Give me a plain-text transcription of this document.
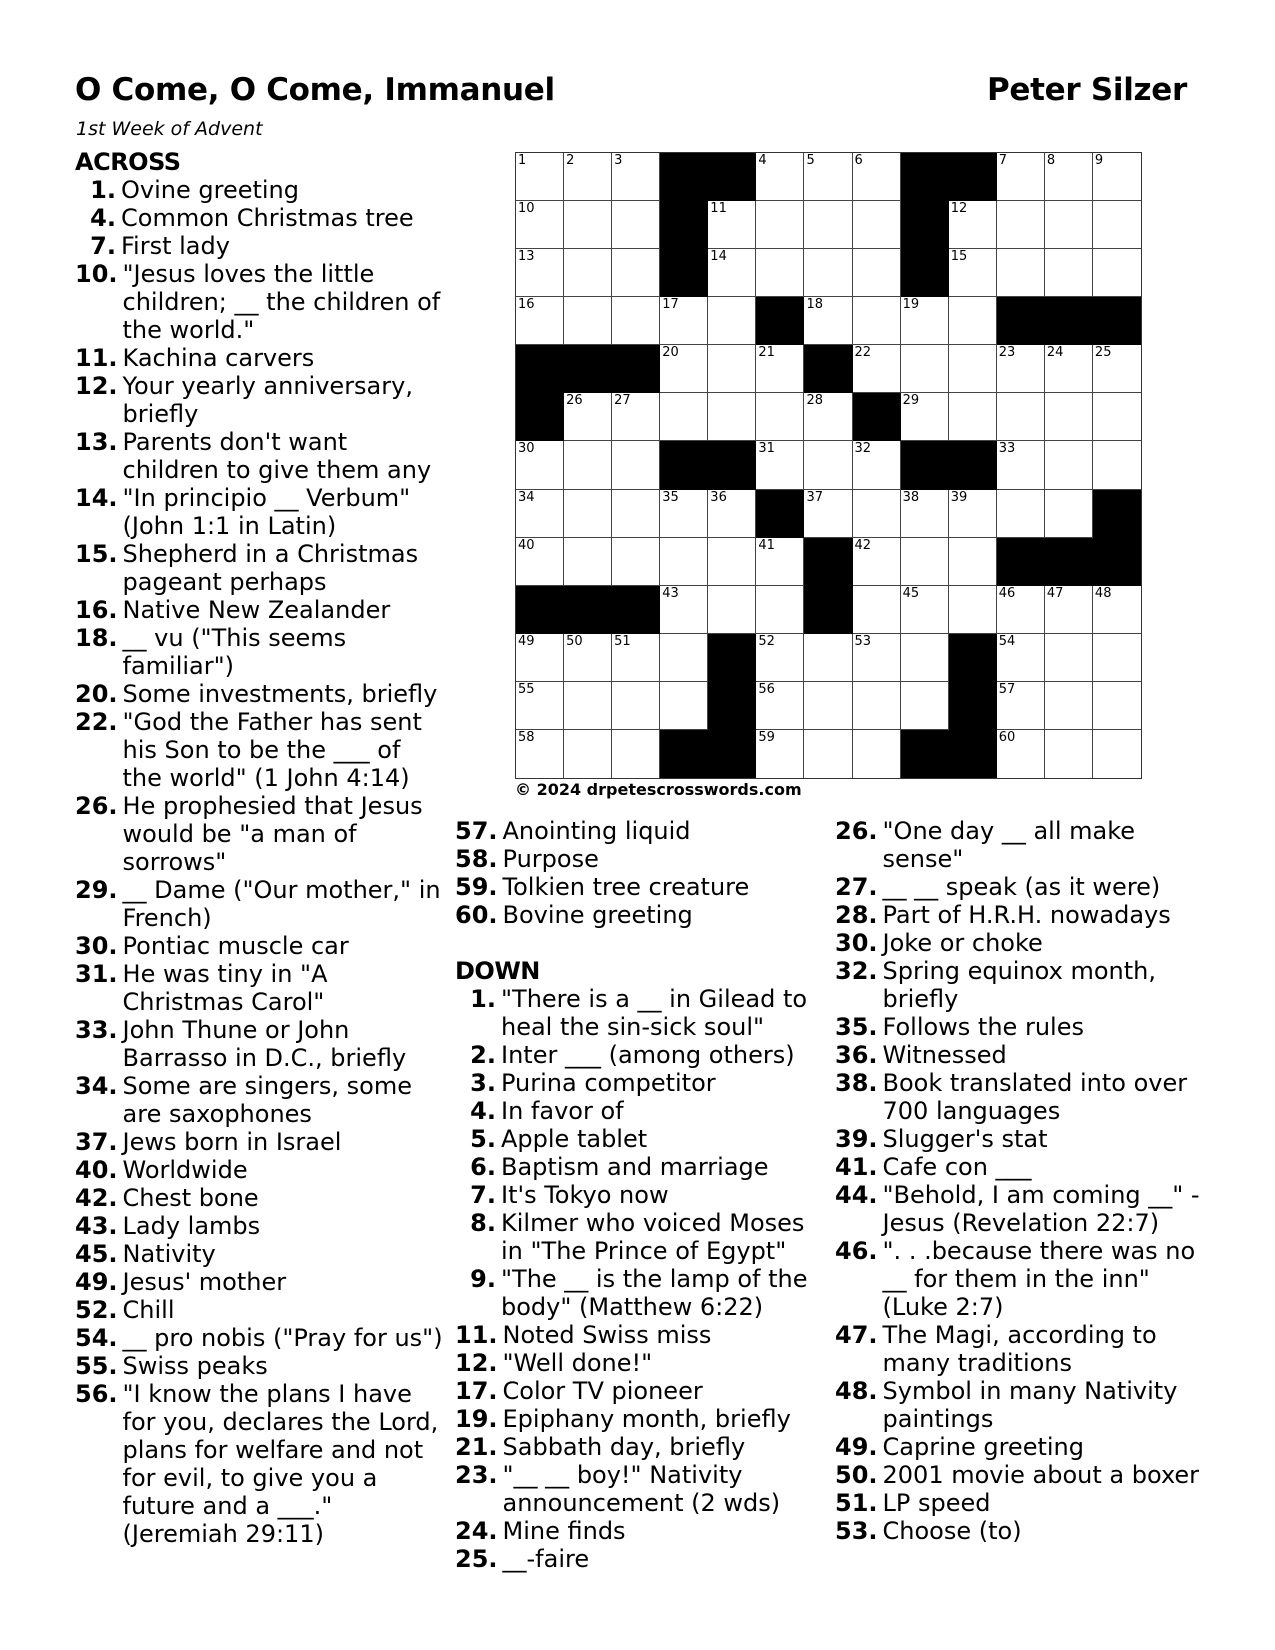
O Come, O Come, Immanuel	Peter Silzer
1st Week of Advent
ACROSS
1. Ovine greeting
4. Common Christmas tree
7. First lady
10. "Jesus loves the little children; __ the children of the world."
11. Kachina carvers
12. Your yearly anniversary, briefly
13. Parents don't want children to give them any
14. "In principio __ Verbum" (John 1:1 in Latin)
15. Shepherd in a Christmas pageant perhaps
16. Native New Zealander
18. __ vu ("This seems familiar")
20. Some investments, briefly
22. "God the Father has sent his Son to be the ___ of the world" (1 John 4:14)
26. He prophesied that Jesus would be "a man of sorrows"
29. __ Dame ("Our mother," in French)
30. Pontiac muscle car
31. He was tiny in "A Christmas Carol"
33. John Thune or John Barrasso in D.C., briefly
34. Some are singers, some are saxophones
37. Jews born in Israel
40. Worldwide
42. Chest bone
43. Lady lambs
45. Nativity
49. Jesus' mother
52. Chill
54. __ pro nobis ("Pray for us")
55. Swiss peaks
56. "I know the plans I have for you, declares the Lord, plans for welfare and not for evil, to give you a future and a ___." (Jeremiah 29:11)
57. Anointing liquid
58. Purpose
59. Tolkien tree creature
60. Bovine greeting
DOWN
1. "There is a __ in Gilead to heal the sin-sick soul"
2. Inter ___ (among others)
3. Purina competitor
4. In favor of
5. Apple tablet
6. Baptism and marriage
7. It's Tokyo now
8. Kilmer who voiced Moses in "The Prince of Egypt"
9. "The __ is the lamp of the body" (Matthew 6:22)
11. Noted Swiss miss
12. "Well done!"
17. Color TV pioneer
19. Epiphany month, briefly
21. Sabbath day, briefly
23. "__ __ boy!" Nativity announcement (2 wds)
24. Mine finds
25. __-faire
26. "One day __ all make sense"
27. __ __ speak (as it were)
28. Part of H.R.H. nowadays
30. Joke or choke
32. Spring equinox month, briefly
35. Follows the rules
36. Witnessed
38. Book translated into over 700 languages
39. Slugger's stat
41. Cafe con ___
44. "Behold, I am coming __" - Jesus (Revelation 22:7)
46. ". . .because there was no __ for them in the inn" (Luke 2:7)
47. The Magi, according to many traditions
48. Symbol in many Nativity paintings
49. Caprine greeting
50. 2001 movie about a boxer
51. LP speed
53. Choose (to)
1	2	3	4	5	6	7	8	9
10	11	12
13	14	15
16	17	18	19
20	21	22	23 24 25
26 27	28	29
30	31	32	33
34	35 36	37	38 39
40	41	42
43	45	46 47 48
49 50 51	52	53	54
55	56	57
58	59	60
© 2024 drpetescrosswords.com
